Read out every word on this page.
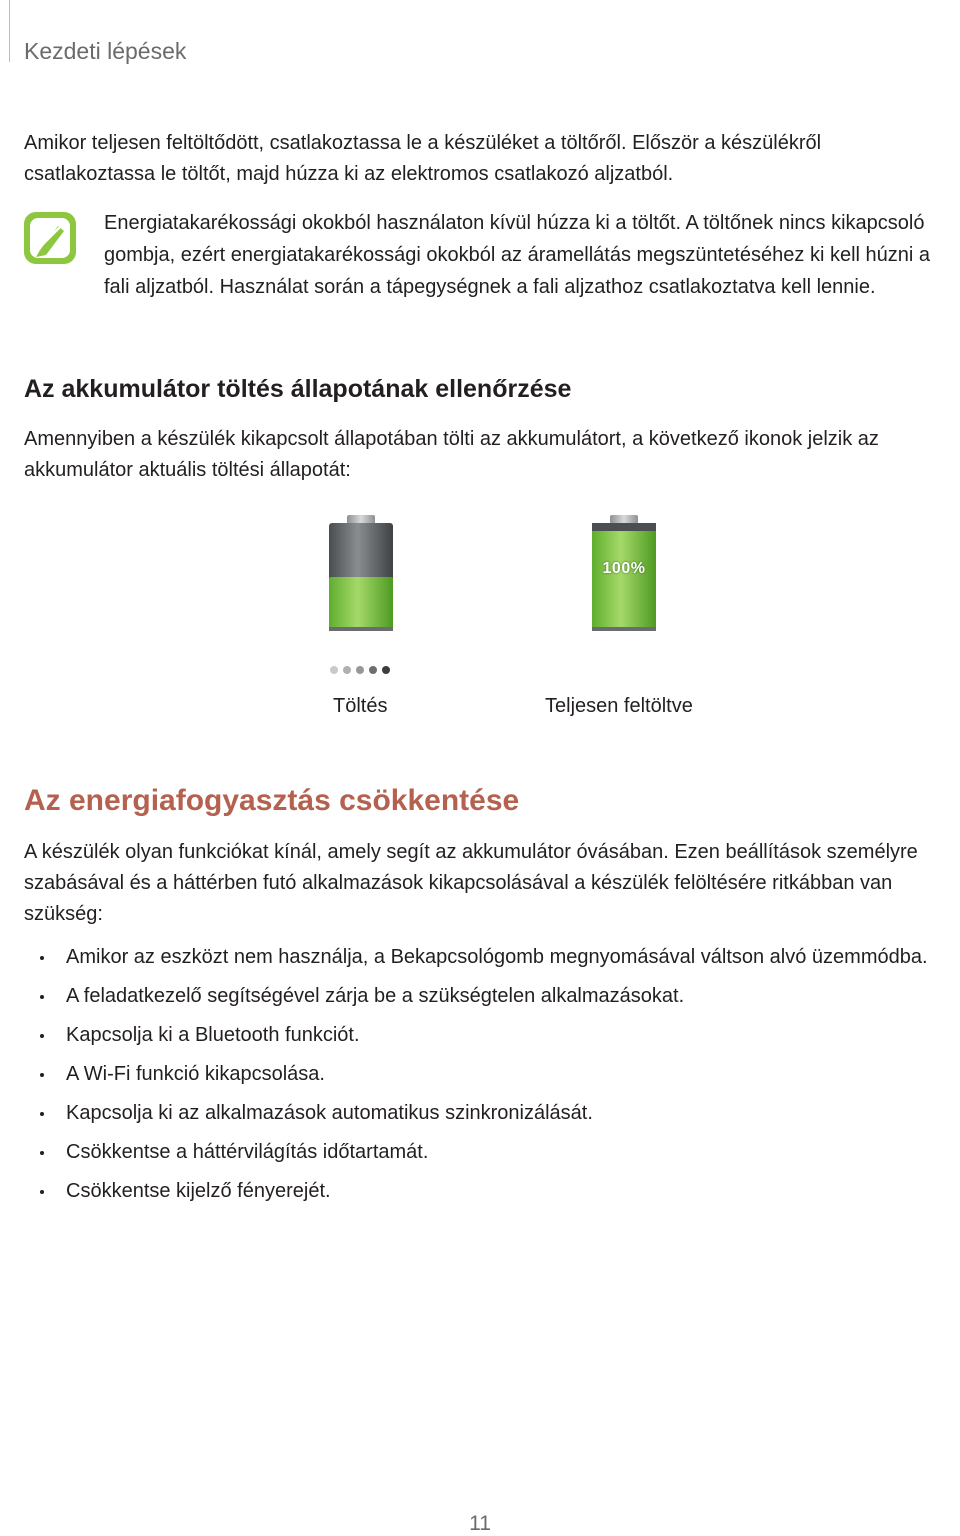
Kezdeti lépések
Amikor teljesen feltöltődött, csatlakoztassa le a készüléket a töltőről. Először a készülékről csatlakoztassa le töltőt, majd húzza ki az elektromos csatlakozó aljzatból.
Energiatakarékossági okokból használaton kívül húzza ki a töltőt. A töltőnek nincs kikapcsoló gombja, ezért energiatakarékossági okokból az áramellátás megszüntetéséhez ki kell húzni a fali aljzatból. Használat során a tápegységnek a fali aljzathoz csatlakoztatva kell lennie.
Az akkumulátor töltés állapotának ellenőrzése
Amennyiben a készülék kikapcsolt állapotában tölti az akkumulátort, a következő ikonok jelzik az akkumulátor aktuális töltési állapotát:
100%
Töltés	Teljesen feltöltve
Az energiafogyasztás csökkentése
A készülék olyan funkciókat kínál, amely segít az akkumulátor óvásában. Ezen beállítások személyre szabásával és a háttérben futó alkalmazások kikapcsolásával a készülék felöltésére ritkábban van szükség:
Amikor az eszközt nem használja, a Bekapcsológomb megnyomásával váltson alvó üzemmódba.
A feladatkezelő segítségével zárja be a szükségtelen alkalmazásokat.
Kapcsolja ki a Bluetooth funkciót.
A Wi-Fi funkció kikapcsolása.
Kapcsolja ki az alkalmazások automatikus szinkronizálását.
Csökkentse a háttérvilágítás időtartamát.
Csökkentse kijelző fényerejét.
11
